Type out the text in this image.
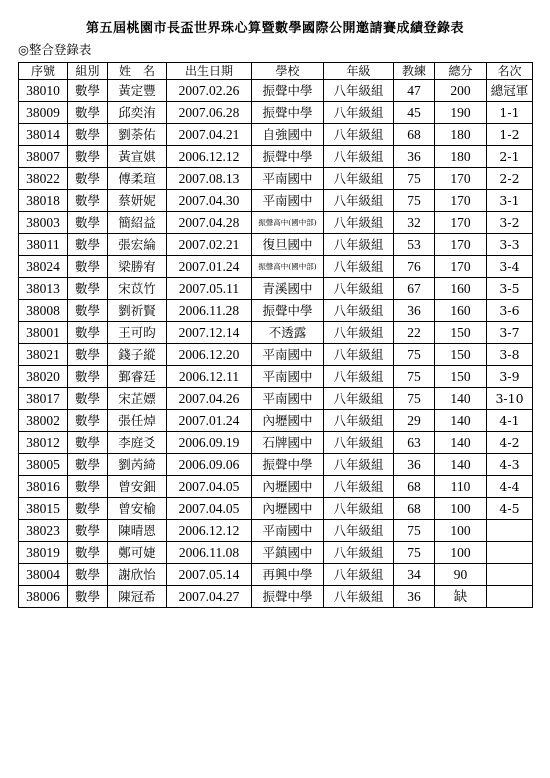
第五屆桃園市長盃世界珠心算暨數學國際公開邀請賽成績登錄表
◎整合登錄表
序號	組別	姓　名	出生日期	學校	年級	教練	總分	名次
38010	數學	黃定豐	2007.02.26	振聲中學	八年級組	47	200	總冠軍
38009	數學	邱奕洧	2007.06.28	振聲中學	八年級組	45	190	1-1
38014	數學	劉荼佑	2007.04.21	自強國中	八年級組	68	180	1-2
38007	數學	黃宣娸	2006.12.12	振聲中學	八年級組	36	180	2-1
38022	數學	傅柔瑄	2007.08.13	平南國中	八年級組	75	170	2-2
38018	數學	蔡妍妮	2007.04.30	平南國中	八年級組	75	170	3-1
38003	數學	簡紹益	2007.04.28	振聲高中(國中部)	八年級組	32	170	3-2
38011	數學	張宏綸	2007.02.21	復旦國中	八年級組	53	170	3-3
38024	數學	梁勝宥	2007.01.24	振聲高中(國中部)	八年級組	76	170	3-4
38013	數學	宋苡竹	2007.05.11	青溪國中	八年級組	67	160	3-5
38008	數學	劉祈賢	2006.11.28	振聲中學	八年級組	36	160	3-6
38001	數學	王可昀	2007.12.14	不透露	八年級組	22	150	3-7
38021	數學	錢子縱	2006.12.20	平南國中	八年級組	75	150	3-8
38020	數學	鄞睿廷	2006.12.11	平南國中	八年級組	75	150	3-9
38017	數學	宋芷嫖	2007.04.26	平南國中	八年級組	75	140	3-10
38002	數學	張任焯	2007.01.24	內壢國中	八年級組	29	140	4-1
38012	數學	李庭爻	2006.09.19	石牌國中	八年級組	63	140	4-2
38005	數學	劉芮綺	2006.09.06	振聲中學	八年級組	36	140	4-3
38016	數學	曾安鈿	2007.04.05	內壢國中	八年級組	68	110	4-4
38015	數學	曾安榆	2007.04.05	內壢國中	八年級組	68	100	4-5
38023	數學	陳晴恩	2006.12.12	平南國中	八年級組	75	100	
38019	數學	鄭可婕	2006.11.08	平鎮國中	八年級組	75	100	
38004	數學	謝欣怡	2007.05.14	再興中學	八年級組	34	90	
38006	數學	陳冠希	2007.04.27	振聲中學	八年級組	36	缺	
